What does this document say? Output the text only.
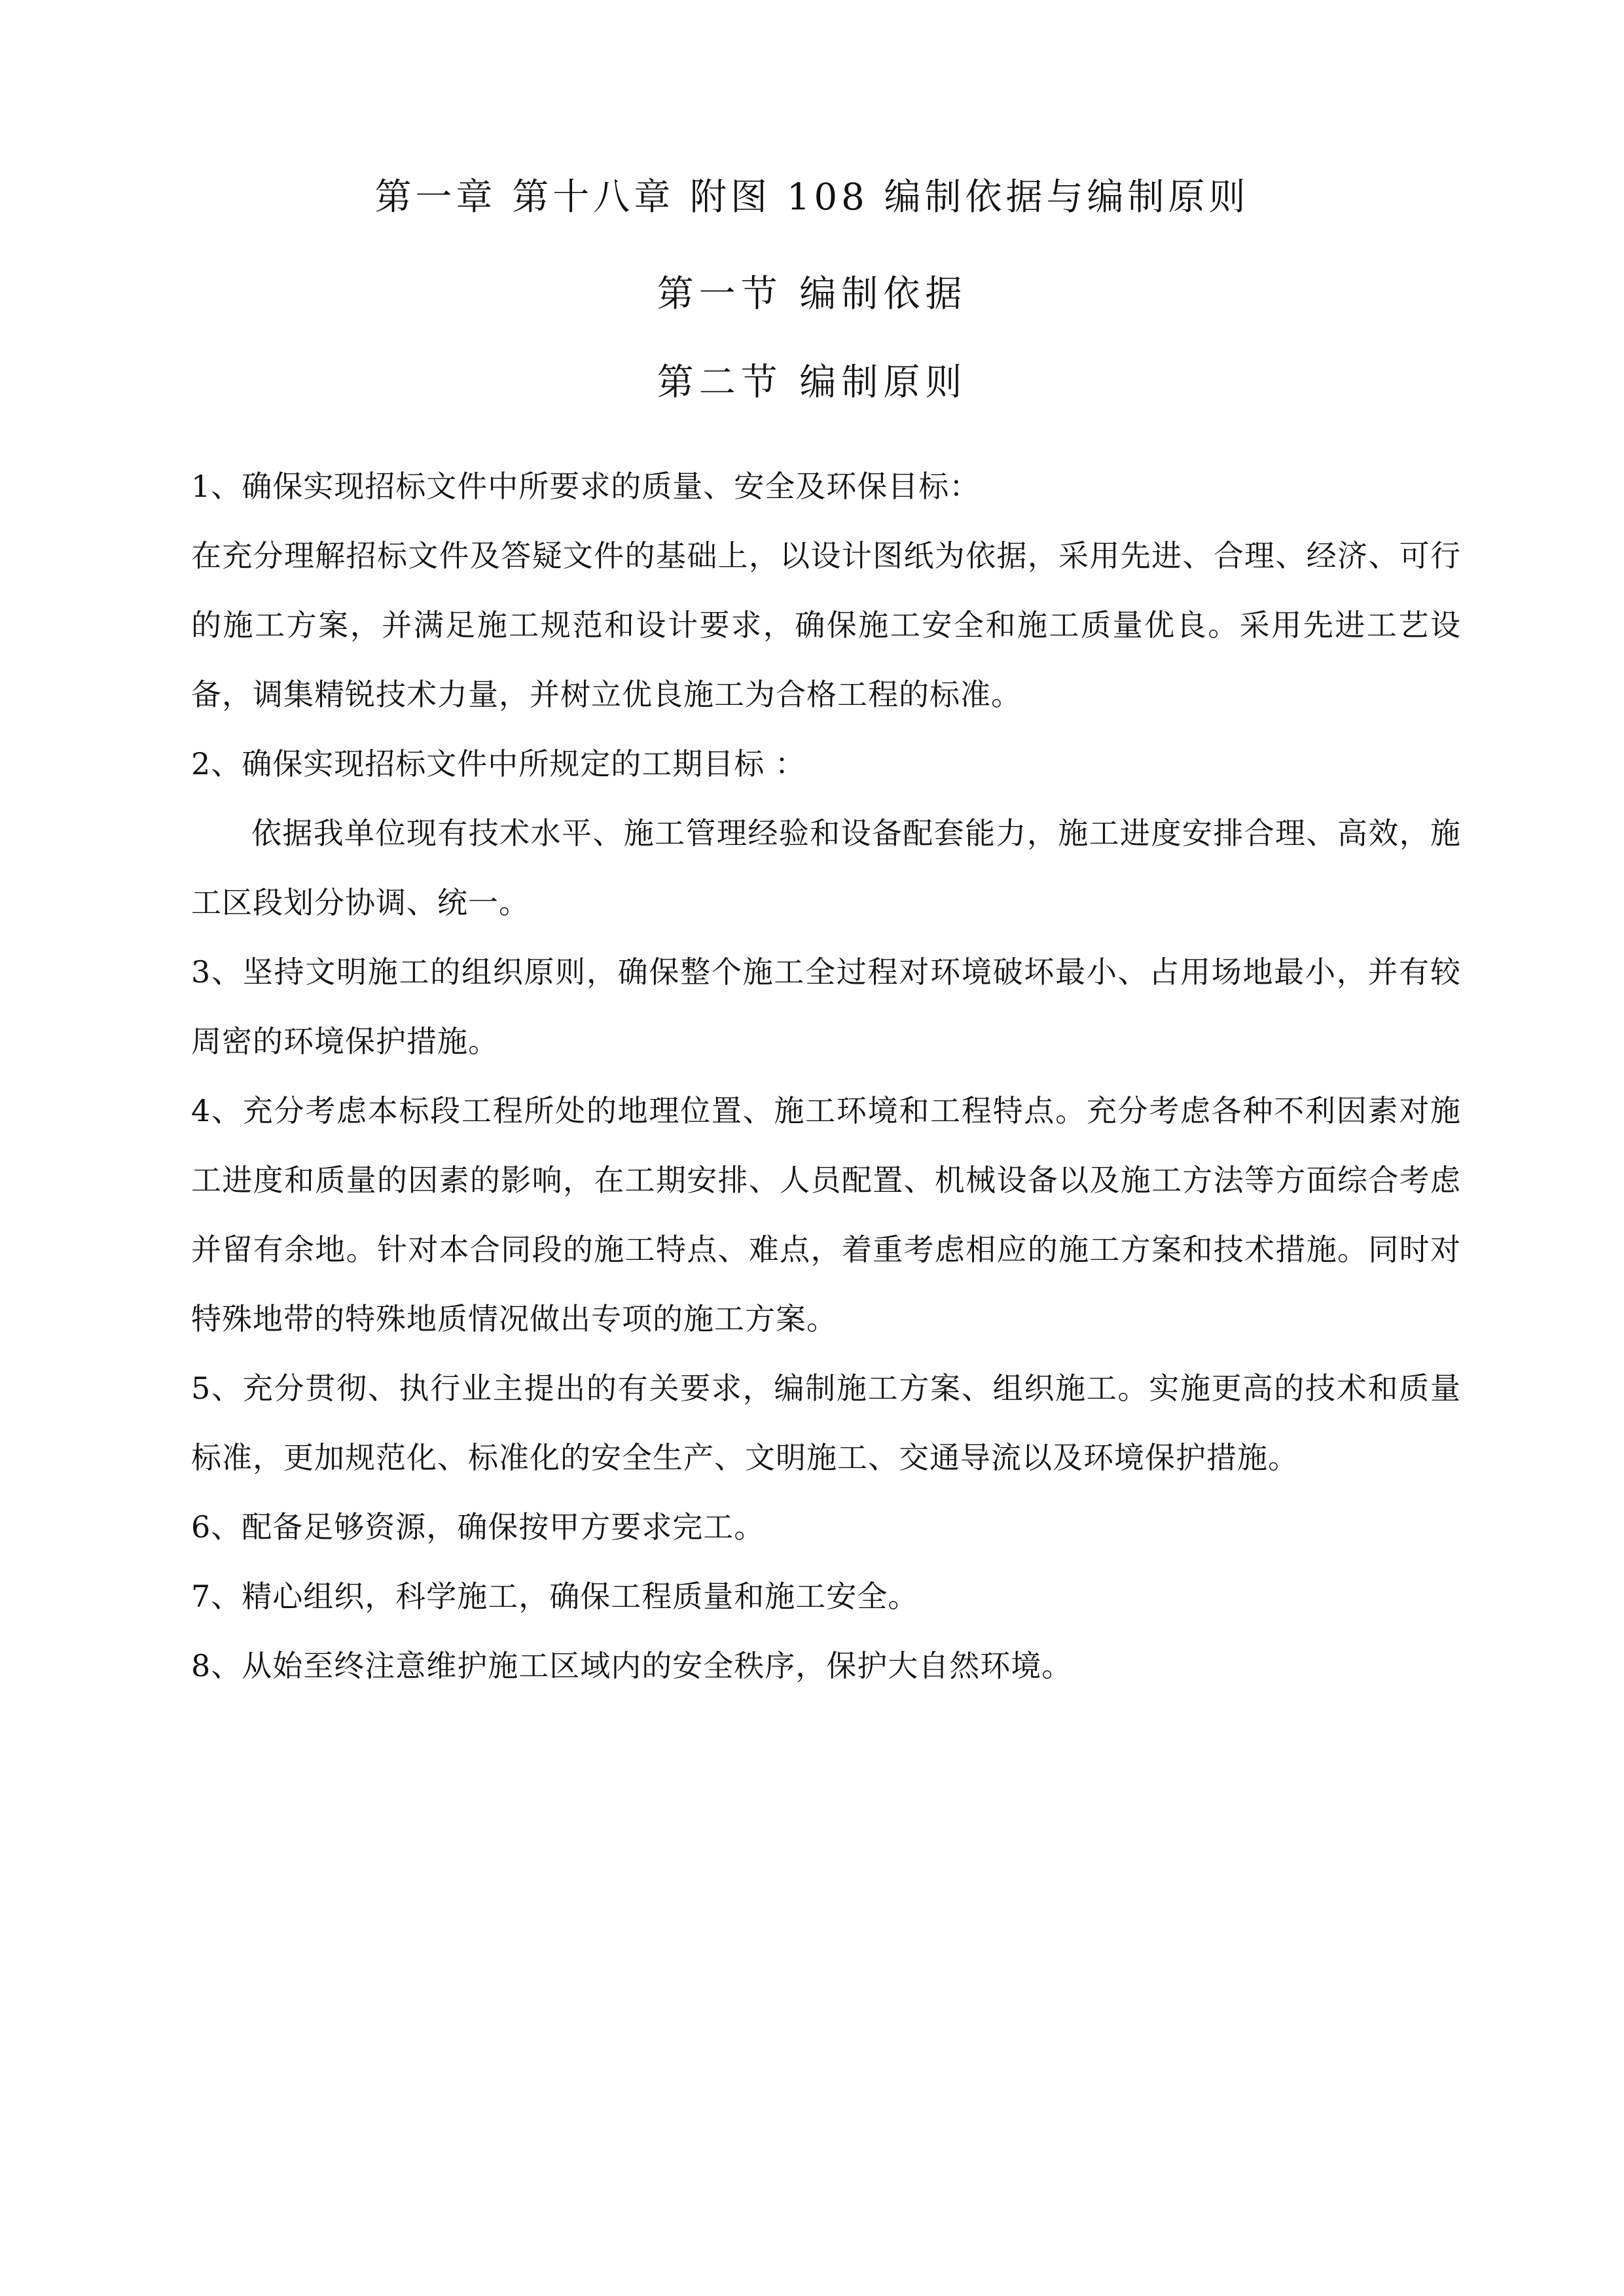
第一章 第十八章 附图 108 编制依据与编制原则
第一节 编制依据
第二节 编制原则

1、确保实现招标文件中所要求的质量、安全及环保目标：

在充分理解招标文件及答疑文件的基础上，以设计图纸为依据，采用先进、合理、经济、可行的施工方案，并满足施工规范和设计要求，确保施工安全和施工质量优良。采用先进工艺设备，调集精锐技术力量，并树立优良施工为合格工程的标准。

2、确保实现招标文件中所规定的工期目标 ：

依据我单位现有技术水平、施工管理经验和设备配套能力，施工进度安排合理、高效，施工区段划分协调、统一。

3、坚持文明施工的组织原则，确保整个施工全过程对环境破坏最小、占用场地最小，并有较周密的环境保护措施。

4、充分考虑本标段工程所处的地理位置、施工环境和工程特点。充分考虑各种不利因素对施工进度和质量的因素的影响，在工期安排、人员配置、机械设备以及施工方法等方面综合考虑并留有余地。针对本合同段的施工特点、难点，着重考虑相应的施工方案和技术措施。同时对特殊地带的特殊地质情况做出专项的施工方案。

5、充分贯彻、执行业主提出的有关要求，编制施工方案、组织施工。实施更高的技术和质量标准，更加规范化、标准化的安全生产、文明施工、交通导流以及环境保护措施。

6、配备足够资源，确保按甲方要求完工。

7、精心组织，科学施工，确保工程质量和施工安全。

8、从始至终注意维护施工区域内的安全秩序，保护大自然环境。
